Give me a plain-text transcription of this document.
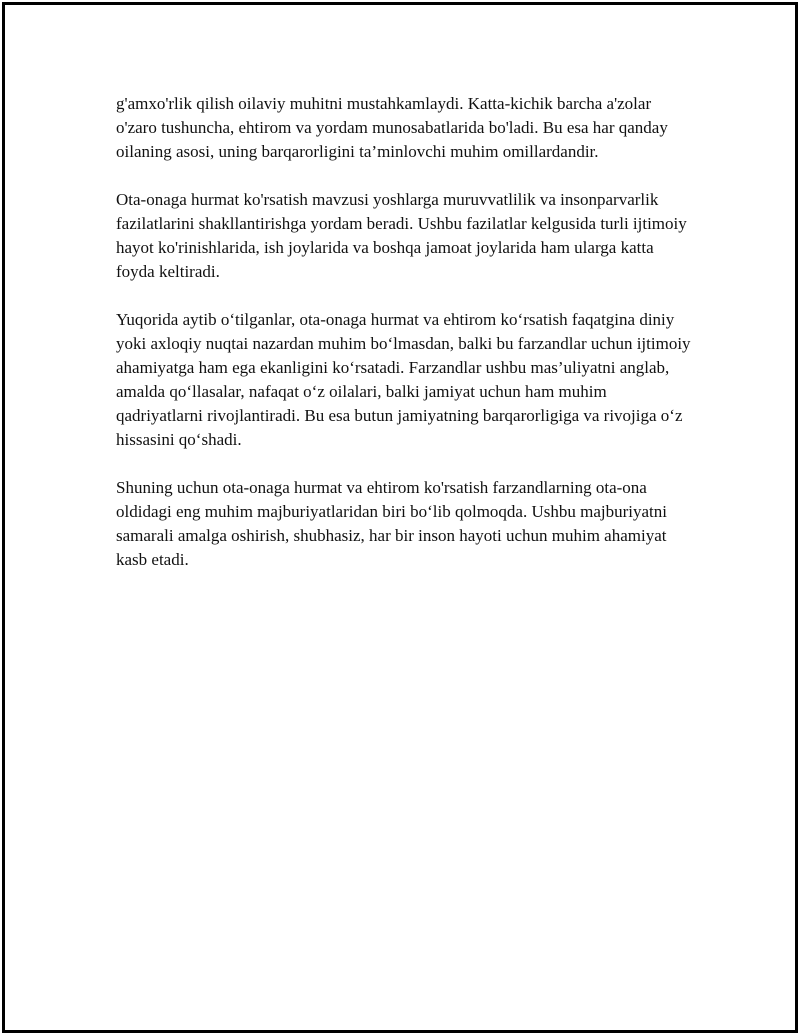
g'amxo'rlik qilish oilaviy muhitni mustahkamlaydi. Katta-kichik barcha a'zolar o'zaro tushuncha, ehtirom va yordam munosabatlarida bo'ladi. Bu esa har qanday oilaning asosi, uning barqarorligini ta’minlovchi muhim omillardandir.

Ota-onaga hurmat ko'rsatish mavzusi yoshlarga muruvvatlilik va insonparvarlik fazilatlarini shakllantirishga yordam beradi. Ushbu fazilatlar kelgusida turli ijtimoiy hayot ko'rinishlarida, ish joylarida va boshqa jamoat joylarida ham ularga katta foyda keltiradi.

Yuqorida aytib o‘tilganlar, ota-onaga hurmat va ehtirom ko‘rsatish faqatgina diniy yoki axloqiy nuqtai nazardan muhim bo‘lmasdan, balki bu farzandlar uchun ijtimoiy ahamiyatga ham ega ekanligini ko‘rsatadi. Farzandlar ushbu mas’uliyatni anglab, amalda qo‘llasalar, nafaqat o‘z oilalari, balki jamiyat uchun ham muhim qadriyatlarni rivojlantiradi. Bu esa butun jamiyatning barqarorligiga va rivojiga o‘z hissasini qo‘shadi.

Shuning uchun ota-onaga hurmat va ehtirom ko'rsatish farzandlarning ota-ona oldidagi eng muhim majburiyatlaridan biri bo‘lib qolmoqda. Ushbu majburiyatni samarali amalga oshirish, shubhasiz, har bir inson hayoti uchun muhim ahamiyat kasb etadi.
